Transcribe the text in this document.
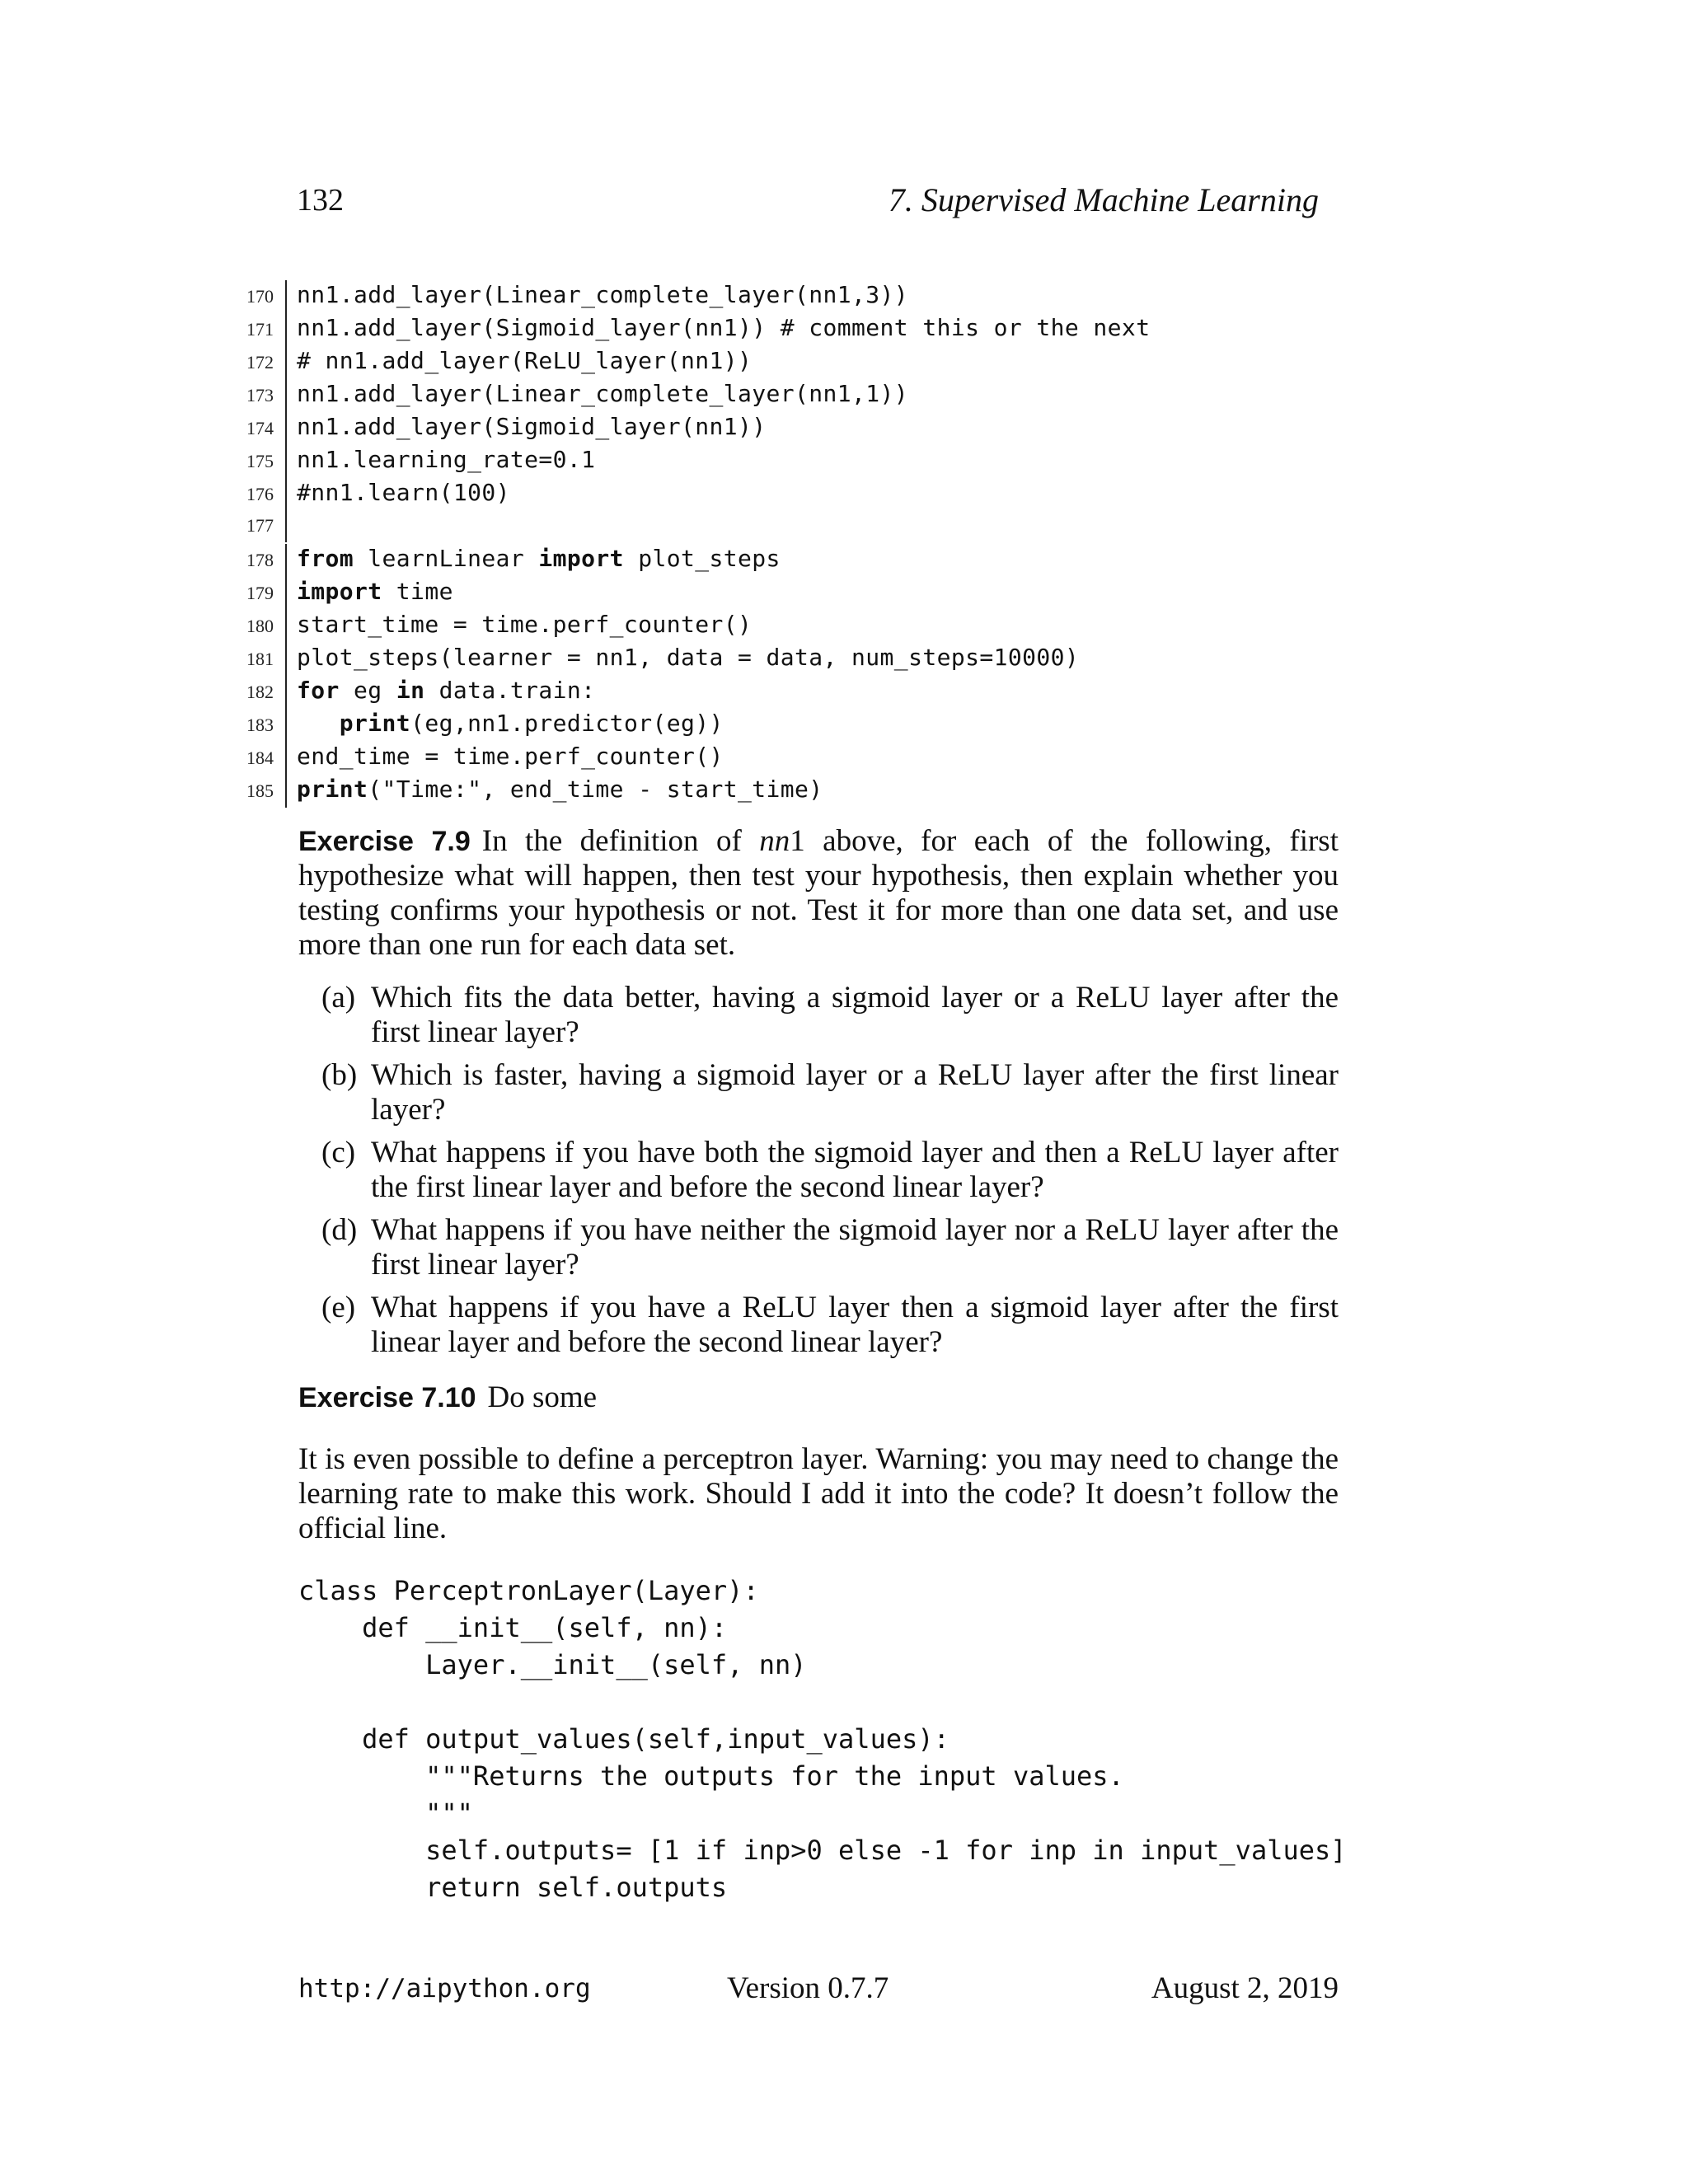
132	7. Supervised Machine Learning
170	nn1.add_layer(Linear_complete_layer(nn1,3))
171	nn1.add_layer(Sigmoid_layer(nn1)) # comment this or the next
172	# nn1.add_layer(ReLU_layer(nn1))
173	nn1.add_layer(Linear_complete_layer(nn1,1))
174	nn1.add_layer(Sigmoid_layer(nn1))
175	nn1.learning_rate=0.1
176	#nn1.learn(100)
177
178	from learnLinear import plot_steps
179	import time
180	start_time = time.perf_counter()
181	plot_steps(learner = nn1, data = data, num_steps=10000)
182	for eg in data.train:
183	print(eg,nn1.predictor(eg))
184	end_time = time.perf_counter()
185	print("Time:", end_time - start_time)
Exercise 7.9 In the definition of nn1 above, for each of the following, first hypothesize what will happen, then test your hypothesis, then explain whether you testing confirms your hypothesis or not. Test it for more than one data set, and use more than one run for each data set.
(a) Which fits the data better, having a sigmoid layer or a ReLU layer after the first linear layer?
(b) Which is faster, having a sigmoid layer or a ReLU layer after the first linear layer?
(c) What happens if you have both the sigmoid layer and then a ReLU layer after the first linear layer and before the second linear layer?
(d) What happens if you have neither the sigmoid layer nor a ReLU layer after the first linear layer?
(e) What happens if you have a ReLU layer then a sigmoid layer after the first linear layer and before the second linear layer?
Exercise 7.10 Do some
It is even possible to define a perceptron layer. Warning: you may need to change the learning rate to make this work. Should I add it into the code? It doesn’t follow the official line.
class PerceptronLayer(Layer):
def __init__(self, nn):
Layer.__init__(self, nn)
def output_values(self,input_values):
"""Returns the outputs for the input values.
"""
self.outputs= [1 if inp>0 else -1 for inp in input_values]
return self.outputs
http://aipython.org	Version 0.7.7	August 2, 2019
